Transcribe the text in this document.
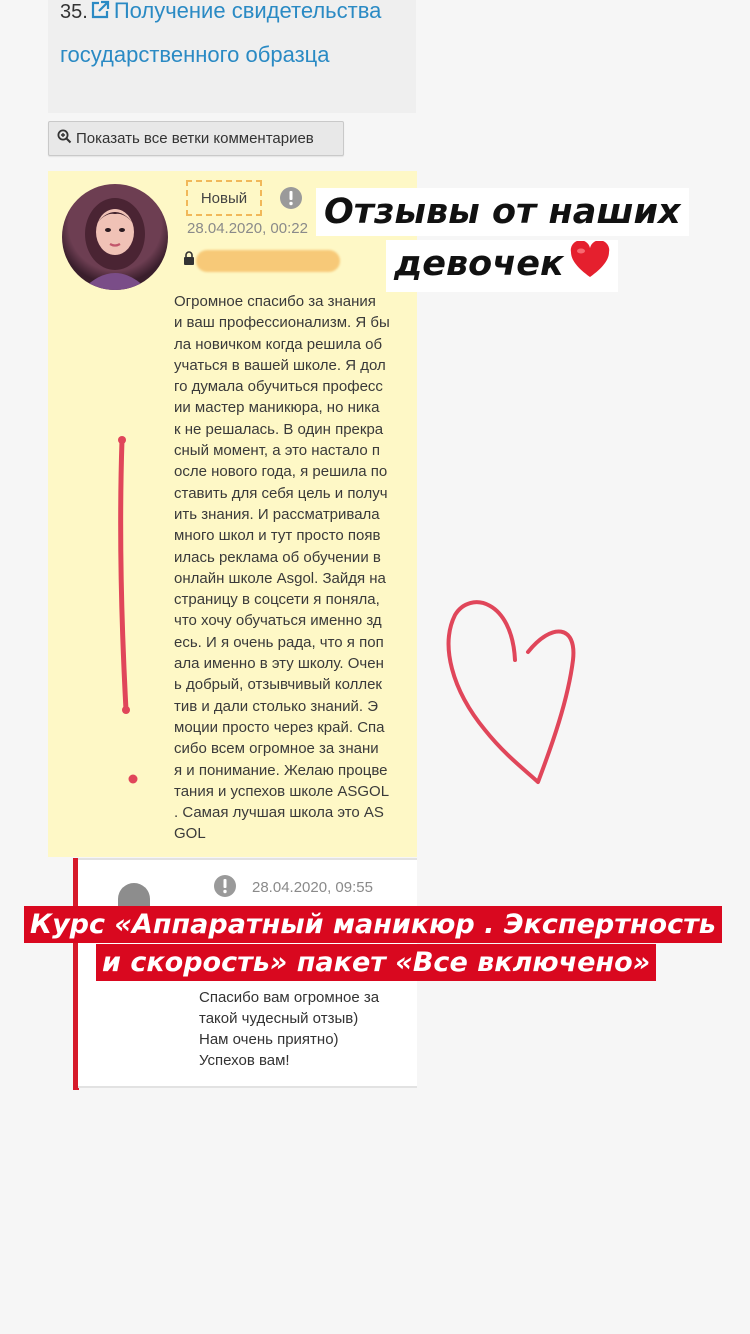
35. Получение свидетельства государственного образца
Показать все ветки комментариев
Новый
28.04.2020, 00:22

Огромное спасибо за знания
и ваш профессионализм. Я бы
ла новичком когда решила об
учаться в вашей школе. Я дол
го думала обучиться професс
ии мастер маникюра, но ника
к не решалась. В один прекра
сный момент, а это настало п
осле нового года, я решила по
ставить для себя цель и получ
ить знания. И рассматривала
много школ и тут просто появ
илась реклама об обучении в
онлайн школе Asgol. Зайдя на
страницу в соцсети я поняла,
что хочу обучаться именно зд
есь. И я очень рада, что я поп
ала именно в эту школу. Очен
ь добрый, отзывчивый коллек
тив и дали столько знаний. Э
моции просто через край. Спа
сибо всем огромное за знани
я и понимание. Желаю процве
тания и успехов школе ASGOL
. Самая лучшая школа это AS
GOL

28.04.2020, 09:55

Спасибо вам огромное за
такой чудесный отзыв)
Нам очень приятно)
Успехов вам!

Отзывы от наших
девочек
Курс «Аппаратный маникюр . Экспертность
и скорость» пакет «Все включено»
